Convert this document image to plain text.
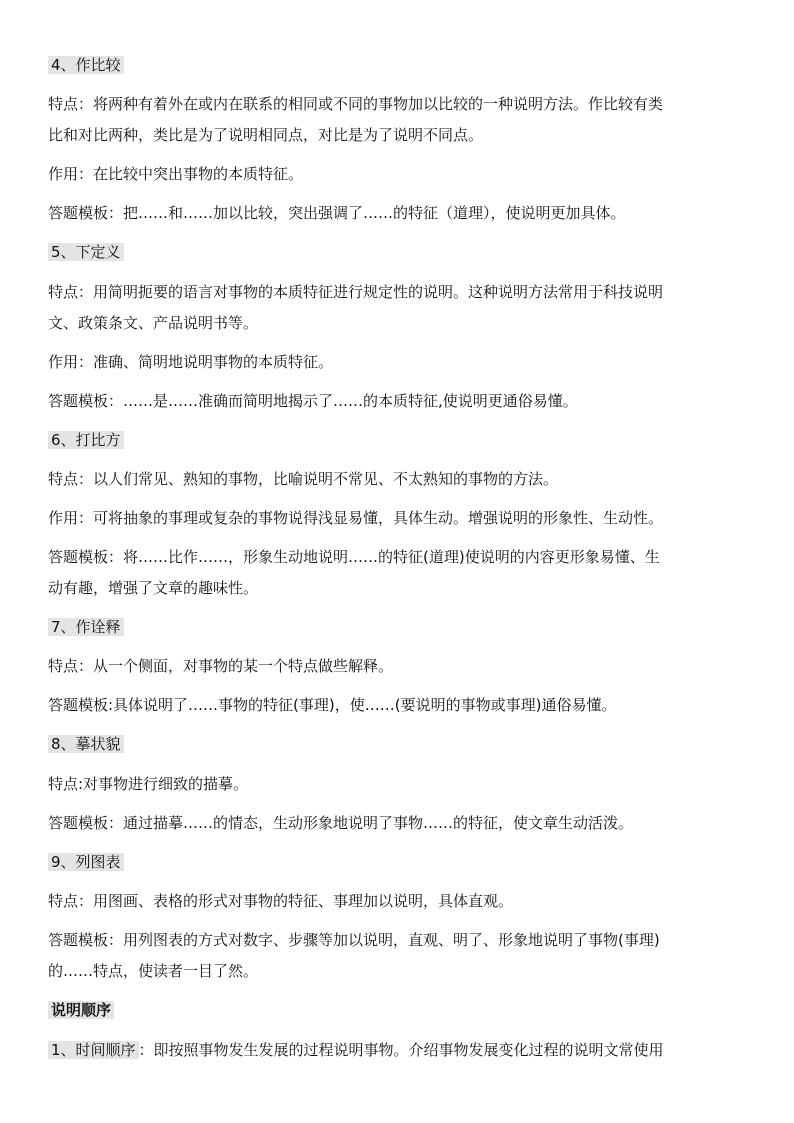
4、作比较
特点：将两种有着外在或内在联系的相同或不同的事物加以比较的一种说明方法。作比较有类
比和对比两种，类比是为了说明相同点，对比是为了说明不同点。
作用：在比较中突出事物的本质特征。
答题模板：把……和……加以比较，突出强调了……的特征（道理），使说明更加具体。
5、下定义
特点：用简明扼要的语言对事物的本质特征进行规定性的说明。这种说明方法常用于科技说明
文、政策条文、产品说明书等。
作用：准确、简明地说明事物的本质特征。
答题模板：……是……准确而简明地揭示了……的本质特征,使说明更通俗易懂。
6、打比方
特点：以人们常见、熟知的事物，比喻说明不常见、不太熟知的事物的方法。
作用：可将抽象的事理或复杂的事物说得浅显易懂，具体生动。增强说明的形象性、生动性。
答题模板：将……比作……，形象生动地说明……的特征(道理)使说明的内容更形象易懂、生
动有趣，增强了文章的趣味性。
7、作诠释
特点：从一个侧面，对事物的某一个特点做些解释。
答题模板:具体说明了……事物的特征(事理)，使……(要说明的事物或事理)通俗易懂。
8、摹状貌
特点:对事物进行细致的描摹。
答题模板：通过描摹……的情态，生动形象地说明了事物……的特征，使文章生动活泼。
9、列图表
特点：用图画、表格的形式对事物的特征、事理加以说明，具体直观。
答题模板：用列图表的方式对数字、步骤等加以说明，直观、明了、形象地说明了事物(事理)
的……特点，使读者一目了然。
说明顺序
1、时间顺序 ：即按照事物发生发展的过程说明事物。介绍事物发展变化过程的说明文常使用
